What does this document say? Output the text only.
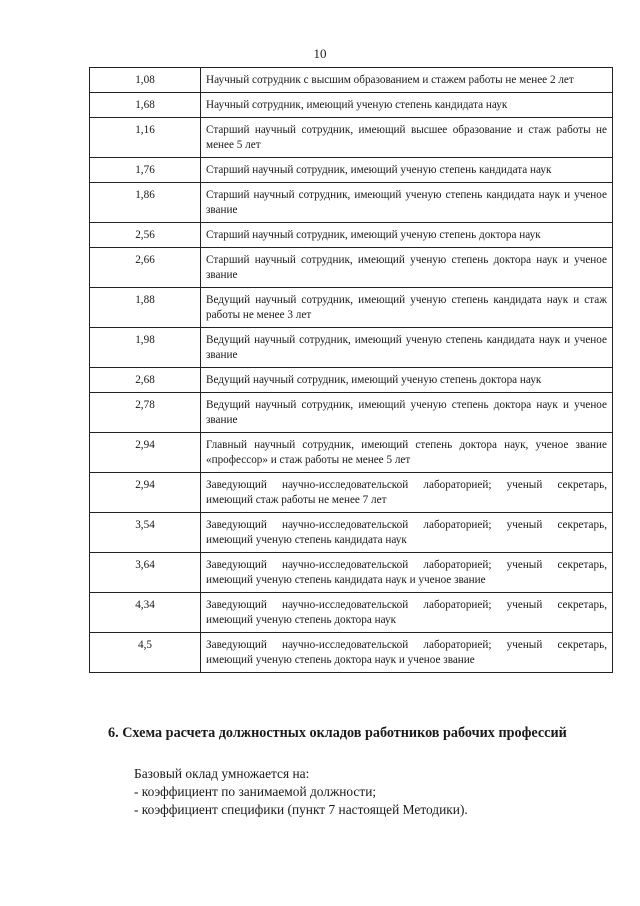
10
1,08	Научный сотрудник с высшим образованием и стажем работы не менее 2 лет
1,68	Научный сотрудник, имеющий ученую степень кандидата наук
1,16	Старший научный сотрудник, имеющий высшее образование и стаж работы не менее 5 лет
1,76	Старший научный сотрудник, имеющий ученую степень кандидата наук
1,86	Старший научный сотрудник, имеющий ученую степень кандидата наук и ученое звание
2,56	Старший научный сотрудник, имеющий ученую степень доктора наук
2,66	Старший научный сотрудник, имеющий ученую степень доктора наук и ученое звание
1,88	Ведущий научный сотрудник, имеющий ученую степень кандидата наук и стаж работы не менее 3 лет
1,98	Ведущий научный сотрудник, имеющий ученую степень кандидата наук и ученое звание
2,68	Ведущий научный сотрудник, имеющий ученую степень доктора наук
2,78	Ведущий научный сотрудник, имеющий ученую степень доктора наук и ученое звание
2,94	Главный научный сотрудник, имеющий степень доктора наук, ученое звание «профессор» и стаж работы не менее 5 лет
2,94	Заведующий научно-исследовательской лабораторией; ученый секретарь, имеющий стаж работы не менее 7 лет
3,54	Заведующий научно-исследовательской лабораторией; ученый секретарь, имеющий ученую степень кандидата наук
3,64	Заведующий научно-исследовательской лабораторией; ученый секретарь, имеющий ученую степень кандидата наук и ученое звание
4,34	Заведующий научно-исследовательской лабораторией; ученый секретарь, имеющий ученую степень доктора наук
4,5	Заведующий научно-исследовательской лабораторией; ученый секретарь, имеющий ученую степень доктора наук и ученое звание
6. Схема расчета должностных окладов работников рабочих профессий
Базовый оклад умножается на:
- коэффициент по занимаемой должности;
- коэффициент специфики (пункт 7 настоящей Методики).
